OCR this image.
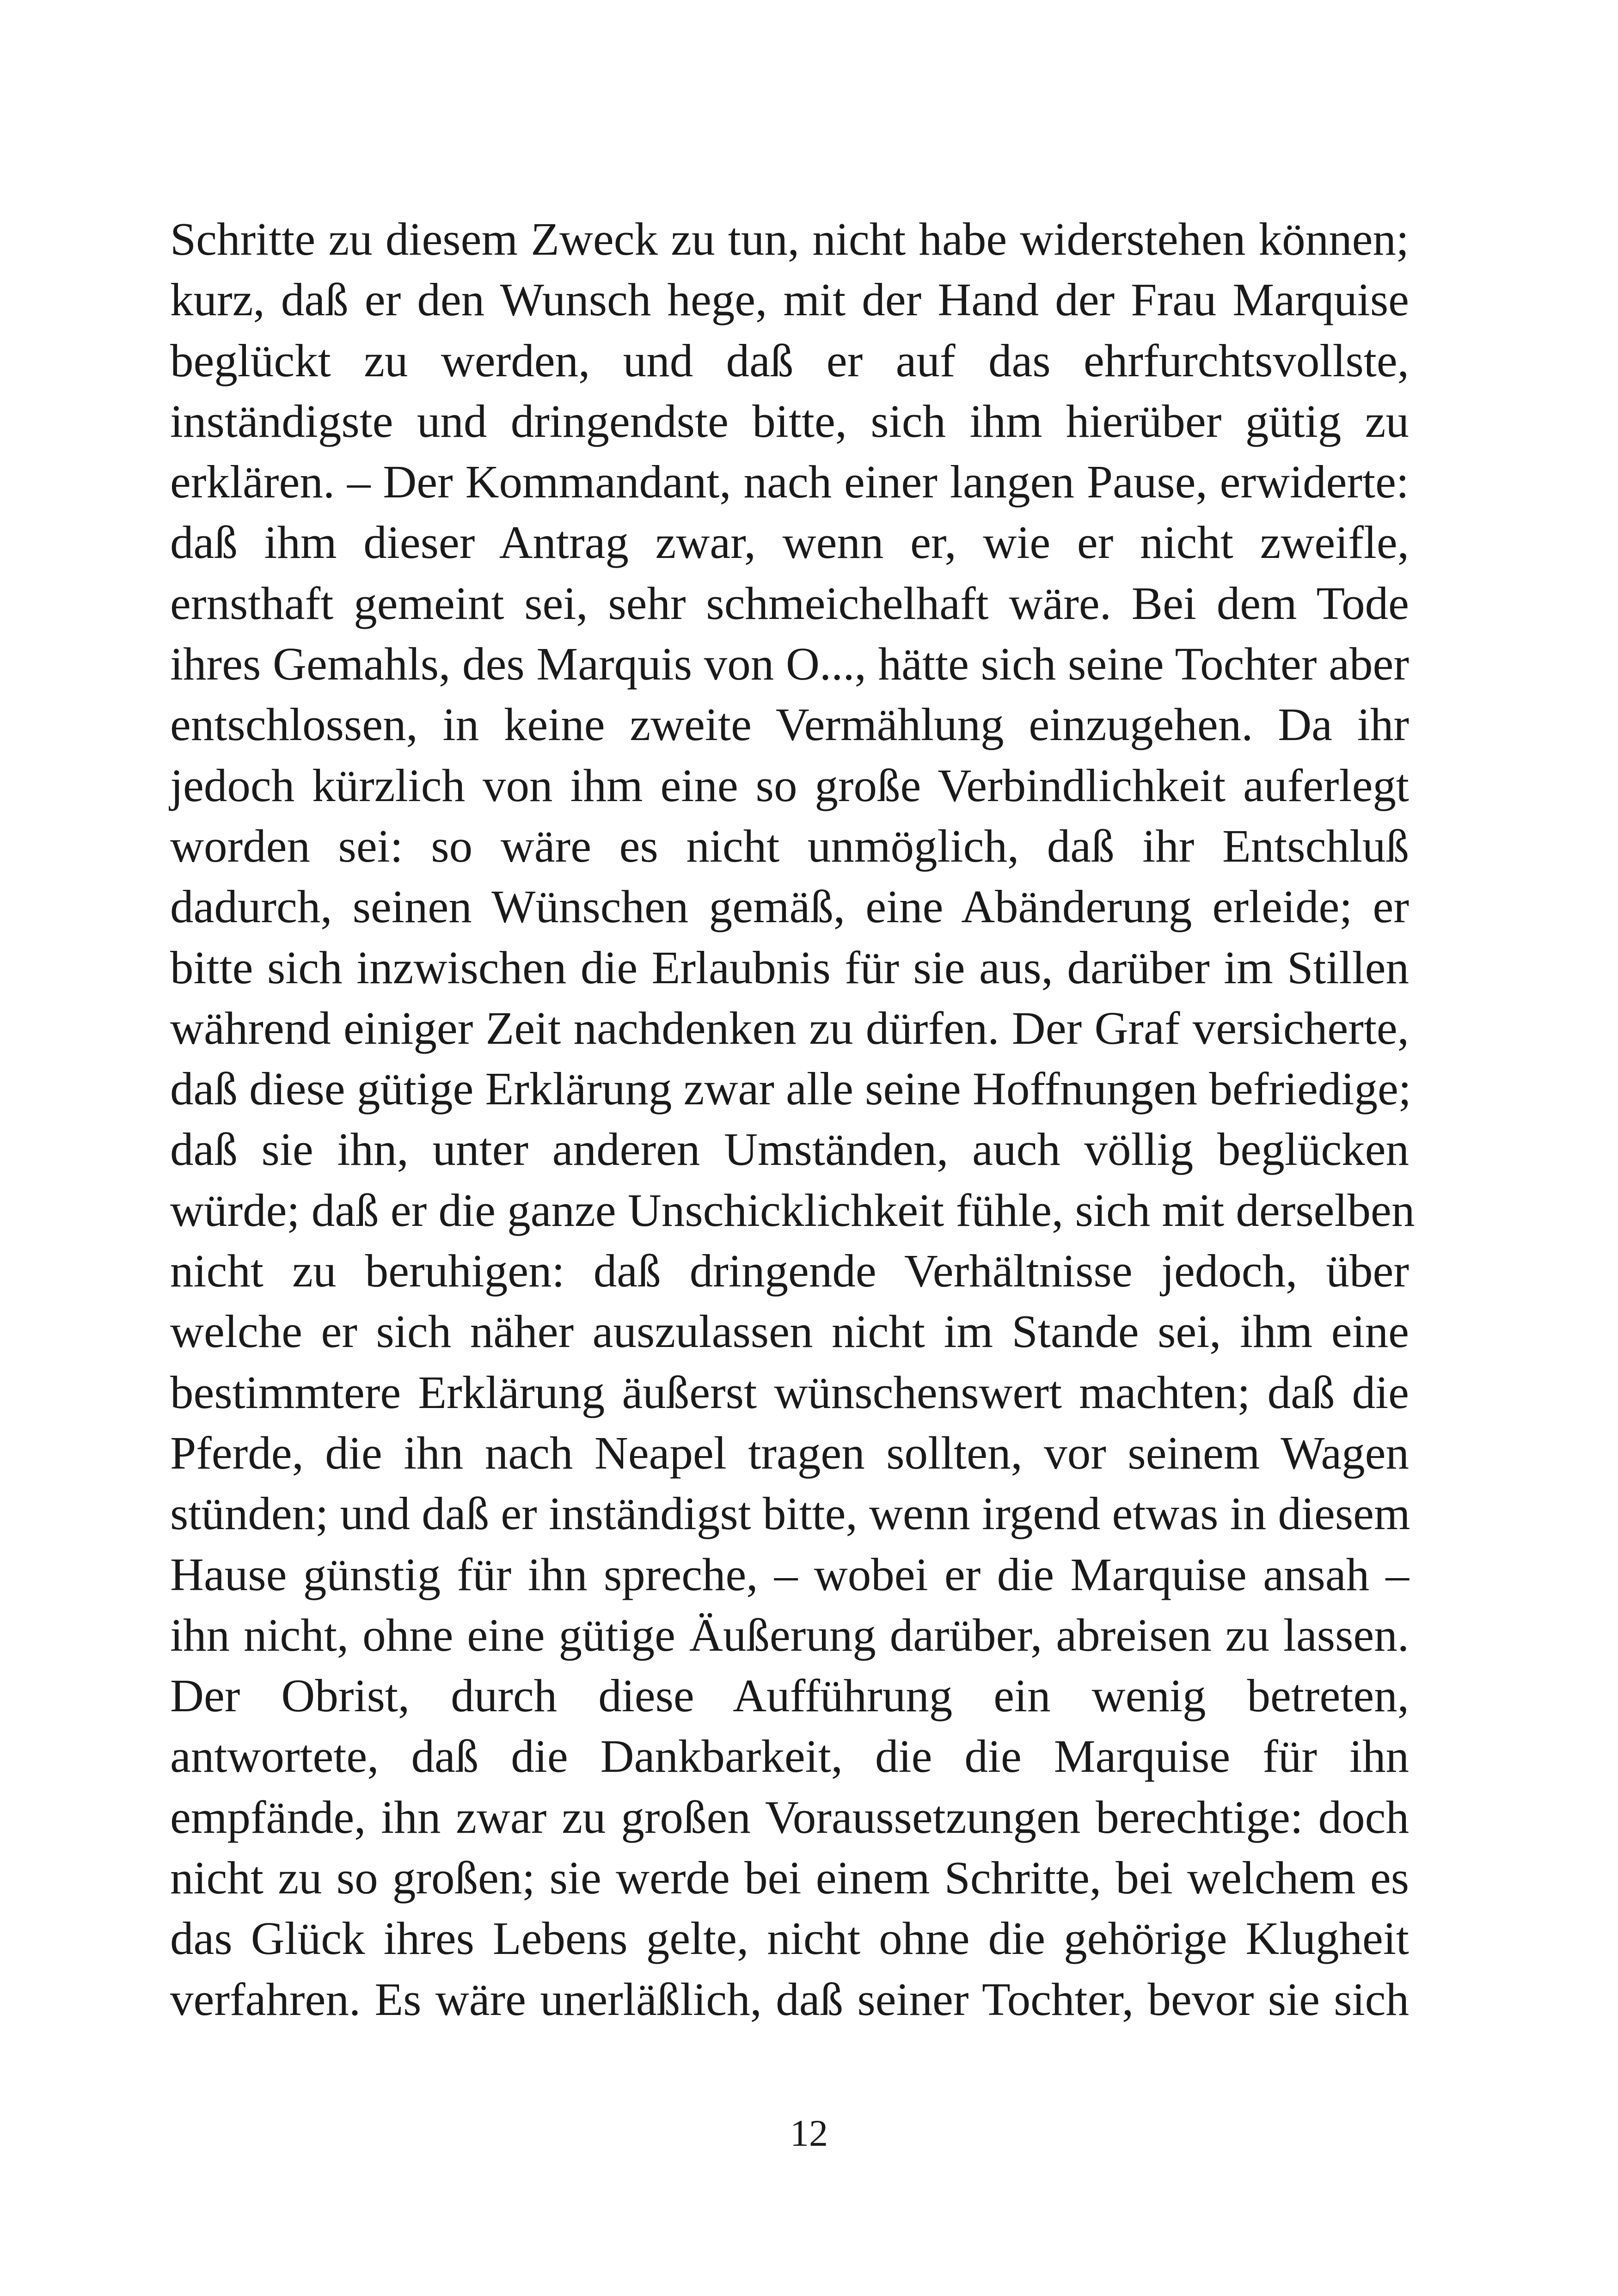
Schritte zu diesem Zweck zu tun, nicht habe widerstehen können;
kurz, daß er den Wunsch hege, mit der Hand der Frau Marquise
beglückt zu werden, und daß er auf das ehrfurchtsvollste,
inständigste und dringendste bitte, sich ihm hierüber gütig zu
erklären. – Der Kommandant, nach einer langen Pause, erwiderte:
daß ihm dieser Antrag zwar, wenn er, wie er nicht zweifle,
ernsthaft gemeint sei, sehr schmeichelhaft wäre. Bei dem Tode
ihres Gemahls, des Marquis von O..., hätte sich seine Tochter aber
entschlossen, in keine zweite Vermählung einzugehen. Da ihr
jedoch kürzlich von ihm eine so große Verbindlichkeit auferlegt
worden sei: so wäre es nicht unmöglich, daß ihr Entschluß
dadurch, seinen Wünschen gemäß, eine Abänderung erleide; er
bitte sich inzwischen die Erlaubnis für sie aus, darüber im Stillen
während einiger Zeit nachdenken zu dürfen. Der Graf versicherte,
daß diese gütige Erklärung zwar alle seine Hoffnungen befriedige;
daß sie ihn, unter anderen Umständen, auch völlig beglücken
würde; daß er die ganze Unschicklichkeit fühle, sich mit derselben
nicht zu beruhigen: daß dringende Verhältnisse jedoch, über
welche er sich näher auszulassen nicht im Stande sei, ihm eine
bestimmtere Erklärung äußerst wünschenswert machten; daß die
Pferde, die ihn nach Neapel tragen sollten, vor seinem Wagen
stünden; und daß er inständigst bitte, wenn irgend etwas in diesem
Hause günstig für ihn spreche, – wobei er die Marquise ansah –
ihn nicht, ohne eine gütige Äußerung darüber, abreisen zu lassen.
Der Obrist, durch diese Aufführung ein wenig betreten,
antwortete, daß die Dankbarkeit, die die Marquise für ihn
empfände, ihn zwar zu großen Voraussetzungen berechtige: doch
nicht zu so großen; sie werde bei einem Schritte, bei welchem es
das Glück ihres Lebens gelte, nicht ohne die gehörige Klugheit
verfahren. Es wäre unerläßlich, daß seiner Tochter, bevor sie sich
12
